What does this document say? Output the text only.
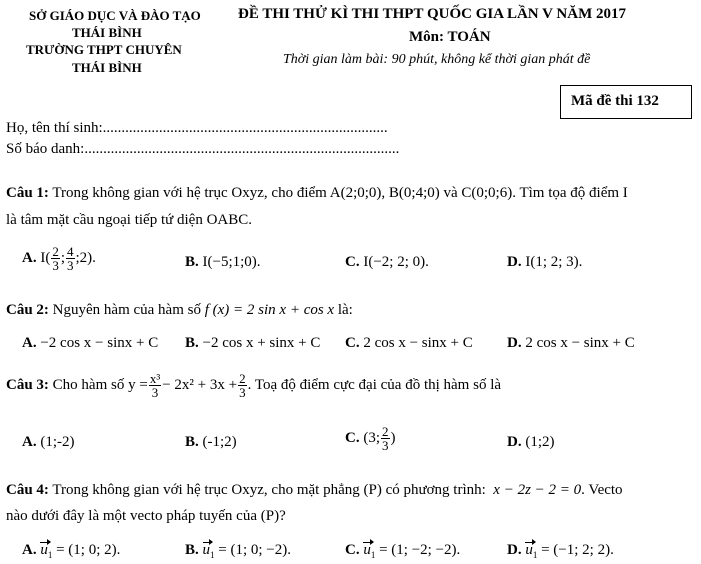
SỞ GIÁO DỤC VÀ ĐÀO TẠO
THÁI BÌNH
TRƯỜNG THPT CHUYÊN
THÁI BÌNH
ĐỀ THI THỬ KÌ THI THPT QUỐC GIA LẦN V NĂM 2017
Môn: TOÁN
Thời gian làm bài: 90 phút, không kể thời gian phát đề
Mã đề thi 132
Họ, tên thí sinh:............................................................................
Số báo danh:....................................................................................
Câu 1: Trong không gian với hệ trục Oxyz, cho điểm A(2;0;0), B(0;4;0) và C(0;0;6). Tìm tọa độ điểm I
là tâm mặt cầu ngoại tiếp tứ diện OABC.
A. $I( \frac{2}{3}$ ; $\frac{4}{3}$ ;2).	B. I(−5;1;0).	C. I(−2; 2; 0).	D. I(1; 2; 3).
Câu 2: Nguyên hàm của hàm số f (x) = 2 sin x + cos x là:
A. −2 cos x − sinx + C B. −2 cos x + sinx + C C. 2 cos x − sinx + C D. 2 cos x − sinx + C
Câu 3: Cho hàm số $y = \frac{\text{x³}}{3} - 2x^2 + 3x + \frac{2}{3}$ . Toạ độ điểm cực đại của đồ thị hàm số là
A. (1;-2)	B. (-1;2)	C. (3; $\frac{2}{3}$ )	D. (1;2)
Câu 4: Trong không gian với hệ trục Oxyz, cho mặt phẳng (P) có phương trình: x − 2z − 2 = 0. Vecto
nào dưới đây là một vecto pháp tuyến của (P)?
A. $u_1 = (1$; 0; 2).	B. $u_1 = (1$; 0; −2).	C. $u_1 = (1$; −2; −2).	D. $u_1 = (-1$; 2; 2).
